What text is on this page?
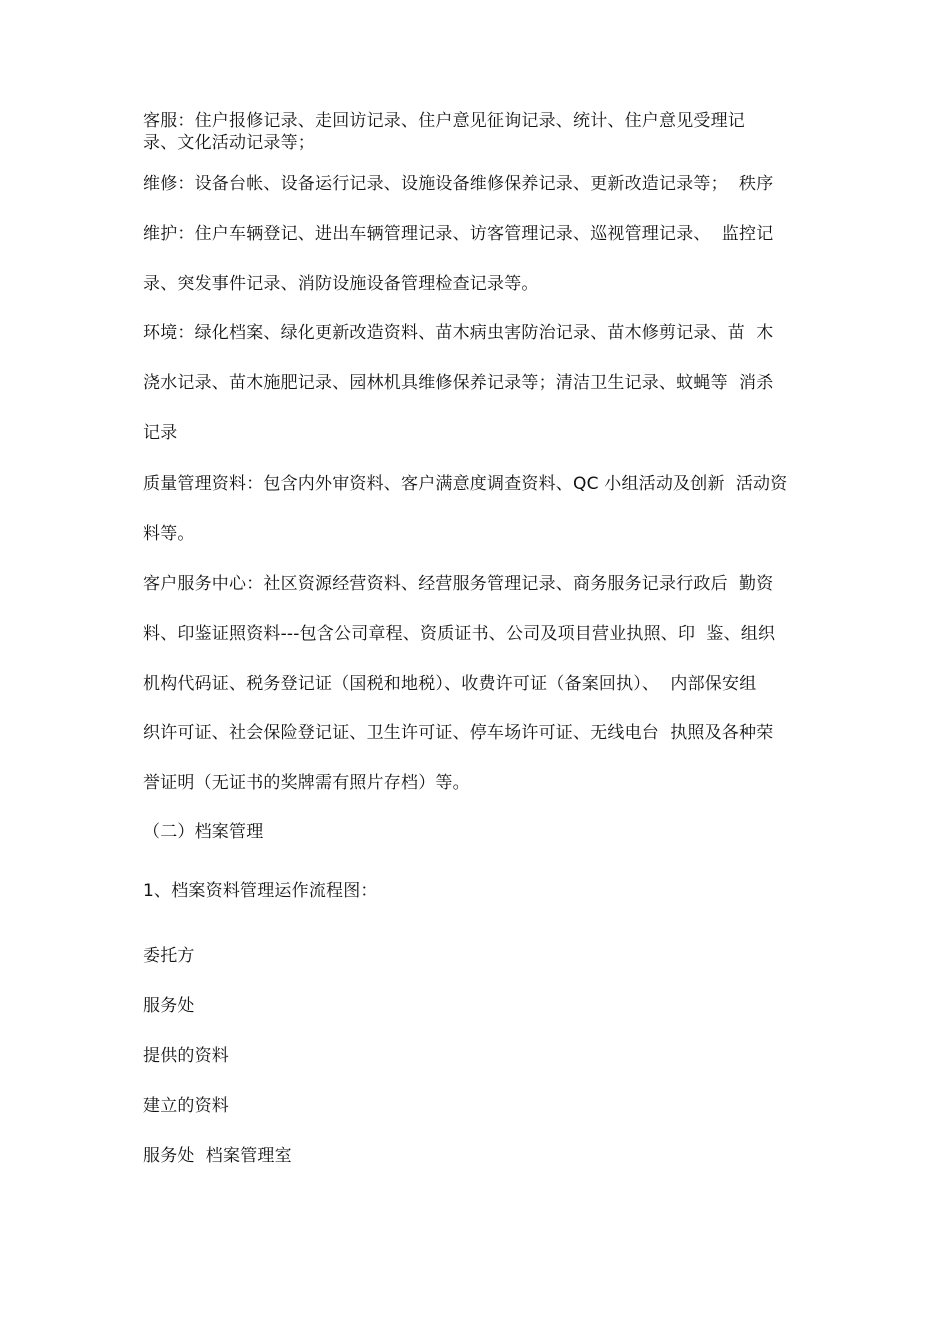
客服：住户报修记录、走回访记录、住户意见征询记录、统计、住户意见受理记

录、文化活动记录等；

维修：设备台帐、设备运行记录、设施设备维修保养记录、更新改造记录等；  秩序

维护：住户车辆登记、进出车辆管理记录、访客管理记录、巡视管理记录、  监控记

录、突发事件记录、消防设施设备管理检查记录等。

环境：绿化档案、绿化更新改造资料、苗木病虫害防治记录、苗木修剪记录、苗  木

浇水记录、苗木施肥记录、园林机具维修保养记录等；清洁卫生记录、蚊蝇等  消杀

记录

质量管理资料：包含内外审资料、客户满意度调查资料、QC 小组活动及创新  活动资

料等。

客户服务中心：社区资源经营资料、经营服务管理记录、商务服务记录行政后  勤资

料、印鉴证照资料---包含公司章程、资质证书、公司及项目营业执照、印  鉴、组织

机构代码证、税务登记证（国税和地税）、收费许可证（备案回执）、  内部保安组

织许可证、社会保险登记证、卫生许可证、停车场许可证、无线电台  执照及各种荣

誉证明（无证书的奖牌需有照片存档）等。

（二）档案管理

1、档案资料管理运作流程图：

委托方

服务处

提供的资料

建立的资料

服务处  档案管理室
